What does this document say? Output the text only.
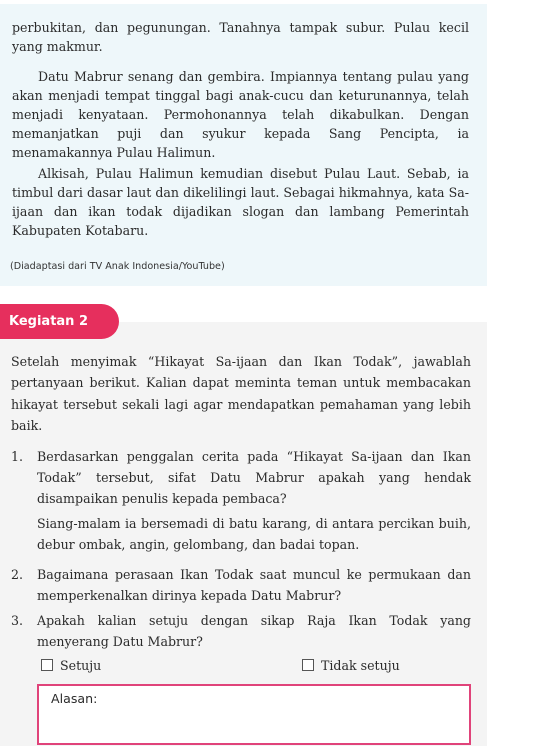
perbukitan, dan pegunungan. Tanahnya tampak subur. Pulau kecil yang makmur.

Datu Mabrur senang dan gembira. Impiannya tentang pulau yang akan menjadi tempat tinggal bagi anak-cucu dan keturunannya, telah menjadi kenyataan. Permohonannya telah dikabulkan. Dengan memanjatkan puji dan syukur kepada Sang Pencipta, ia menamakannya Pulau Halimun.

Alkisah, Pulau Halimun kemudian disebut Pulau Laut. Sebab, ia timbul dari dasar laut dan dikelilingi laut. Sebagai hikmahnya, kata Sa-ijaan dan ikan todak dijadikan slogan dan lambang Pemerintah Kabupaten Kotabaru.

(Diadaptasi dari TV Anak Indonesia/YouTube)
Kegiatan 2

Setelah menyimak “Hikayat Sa-ijaan dan Ikan Todak”, jawablah pertanyaan berikut. Kalian dapat meminta teman untuk membacakan hikayat tersebut sekali lagi agar mendapatkan pemahaman yang lebih baik.

1. Berdasarkan penggalan cerita pada “Hikayat Sa-ijaan dan Ikan Todak” tersebut, sifat Datu Mabrur apakah yang hendak disampaikan penulis kepada pembaca?
Siang-malam ia bersemadi di batu karang, di antara percikan buih, debur ombak, angin, gelombang, dan badai topan.
2. Bagaimana perasaan Ikan Todak saat muncul ke permukaan dan memperkenalkan dirinya kepada Datu Mabrur?
3. Apakah kalian setuju dengan sikap Raja Ikan Todak yang menyerang Datu Mabrur?
Setuju	Tidak setuju
Alasan:
